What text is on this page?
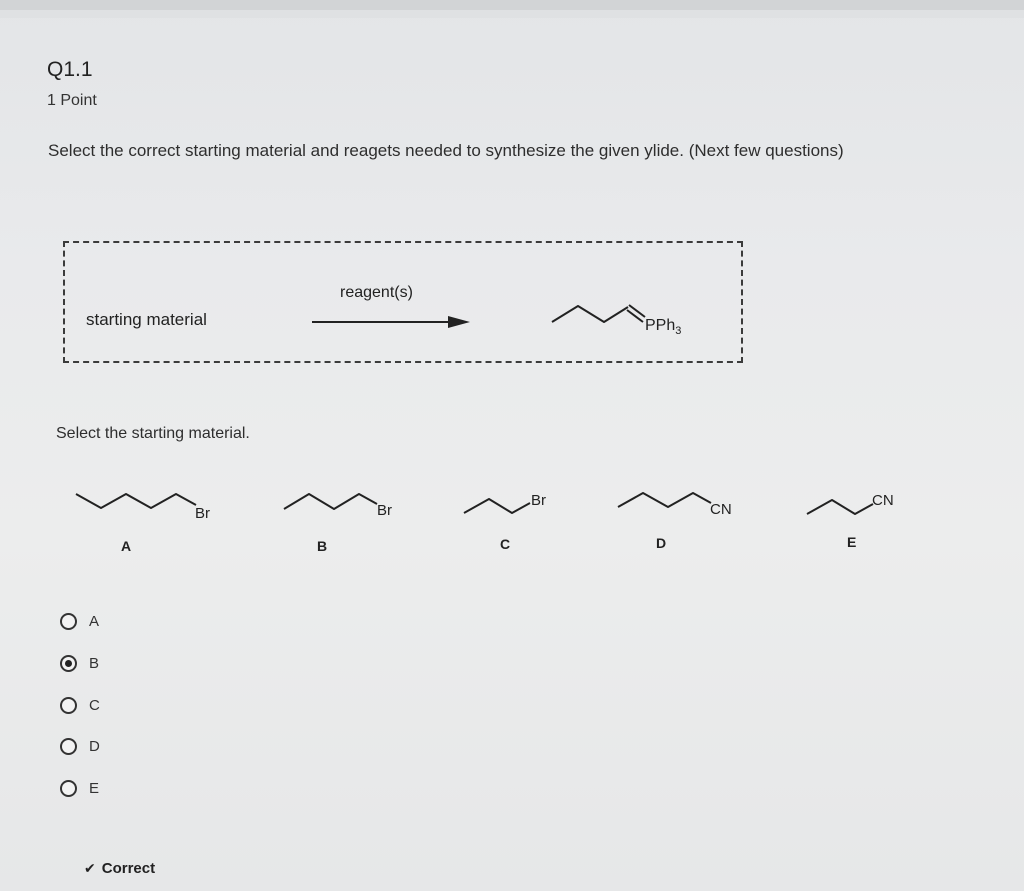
Q1.1
1 Point
Select the correct starting material and reagets needed to synthesize the given ylide. (Next few questions)
starting material
reagent(s)
PPh$_3$
Br	Br
Br
CN
CN
A	B	C	D	E
Select the starting material.
A
B
C
D
E
✔ Correct
